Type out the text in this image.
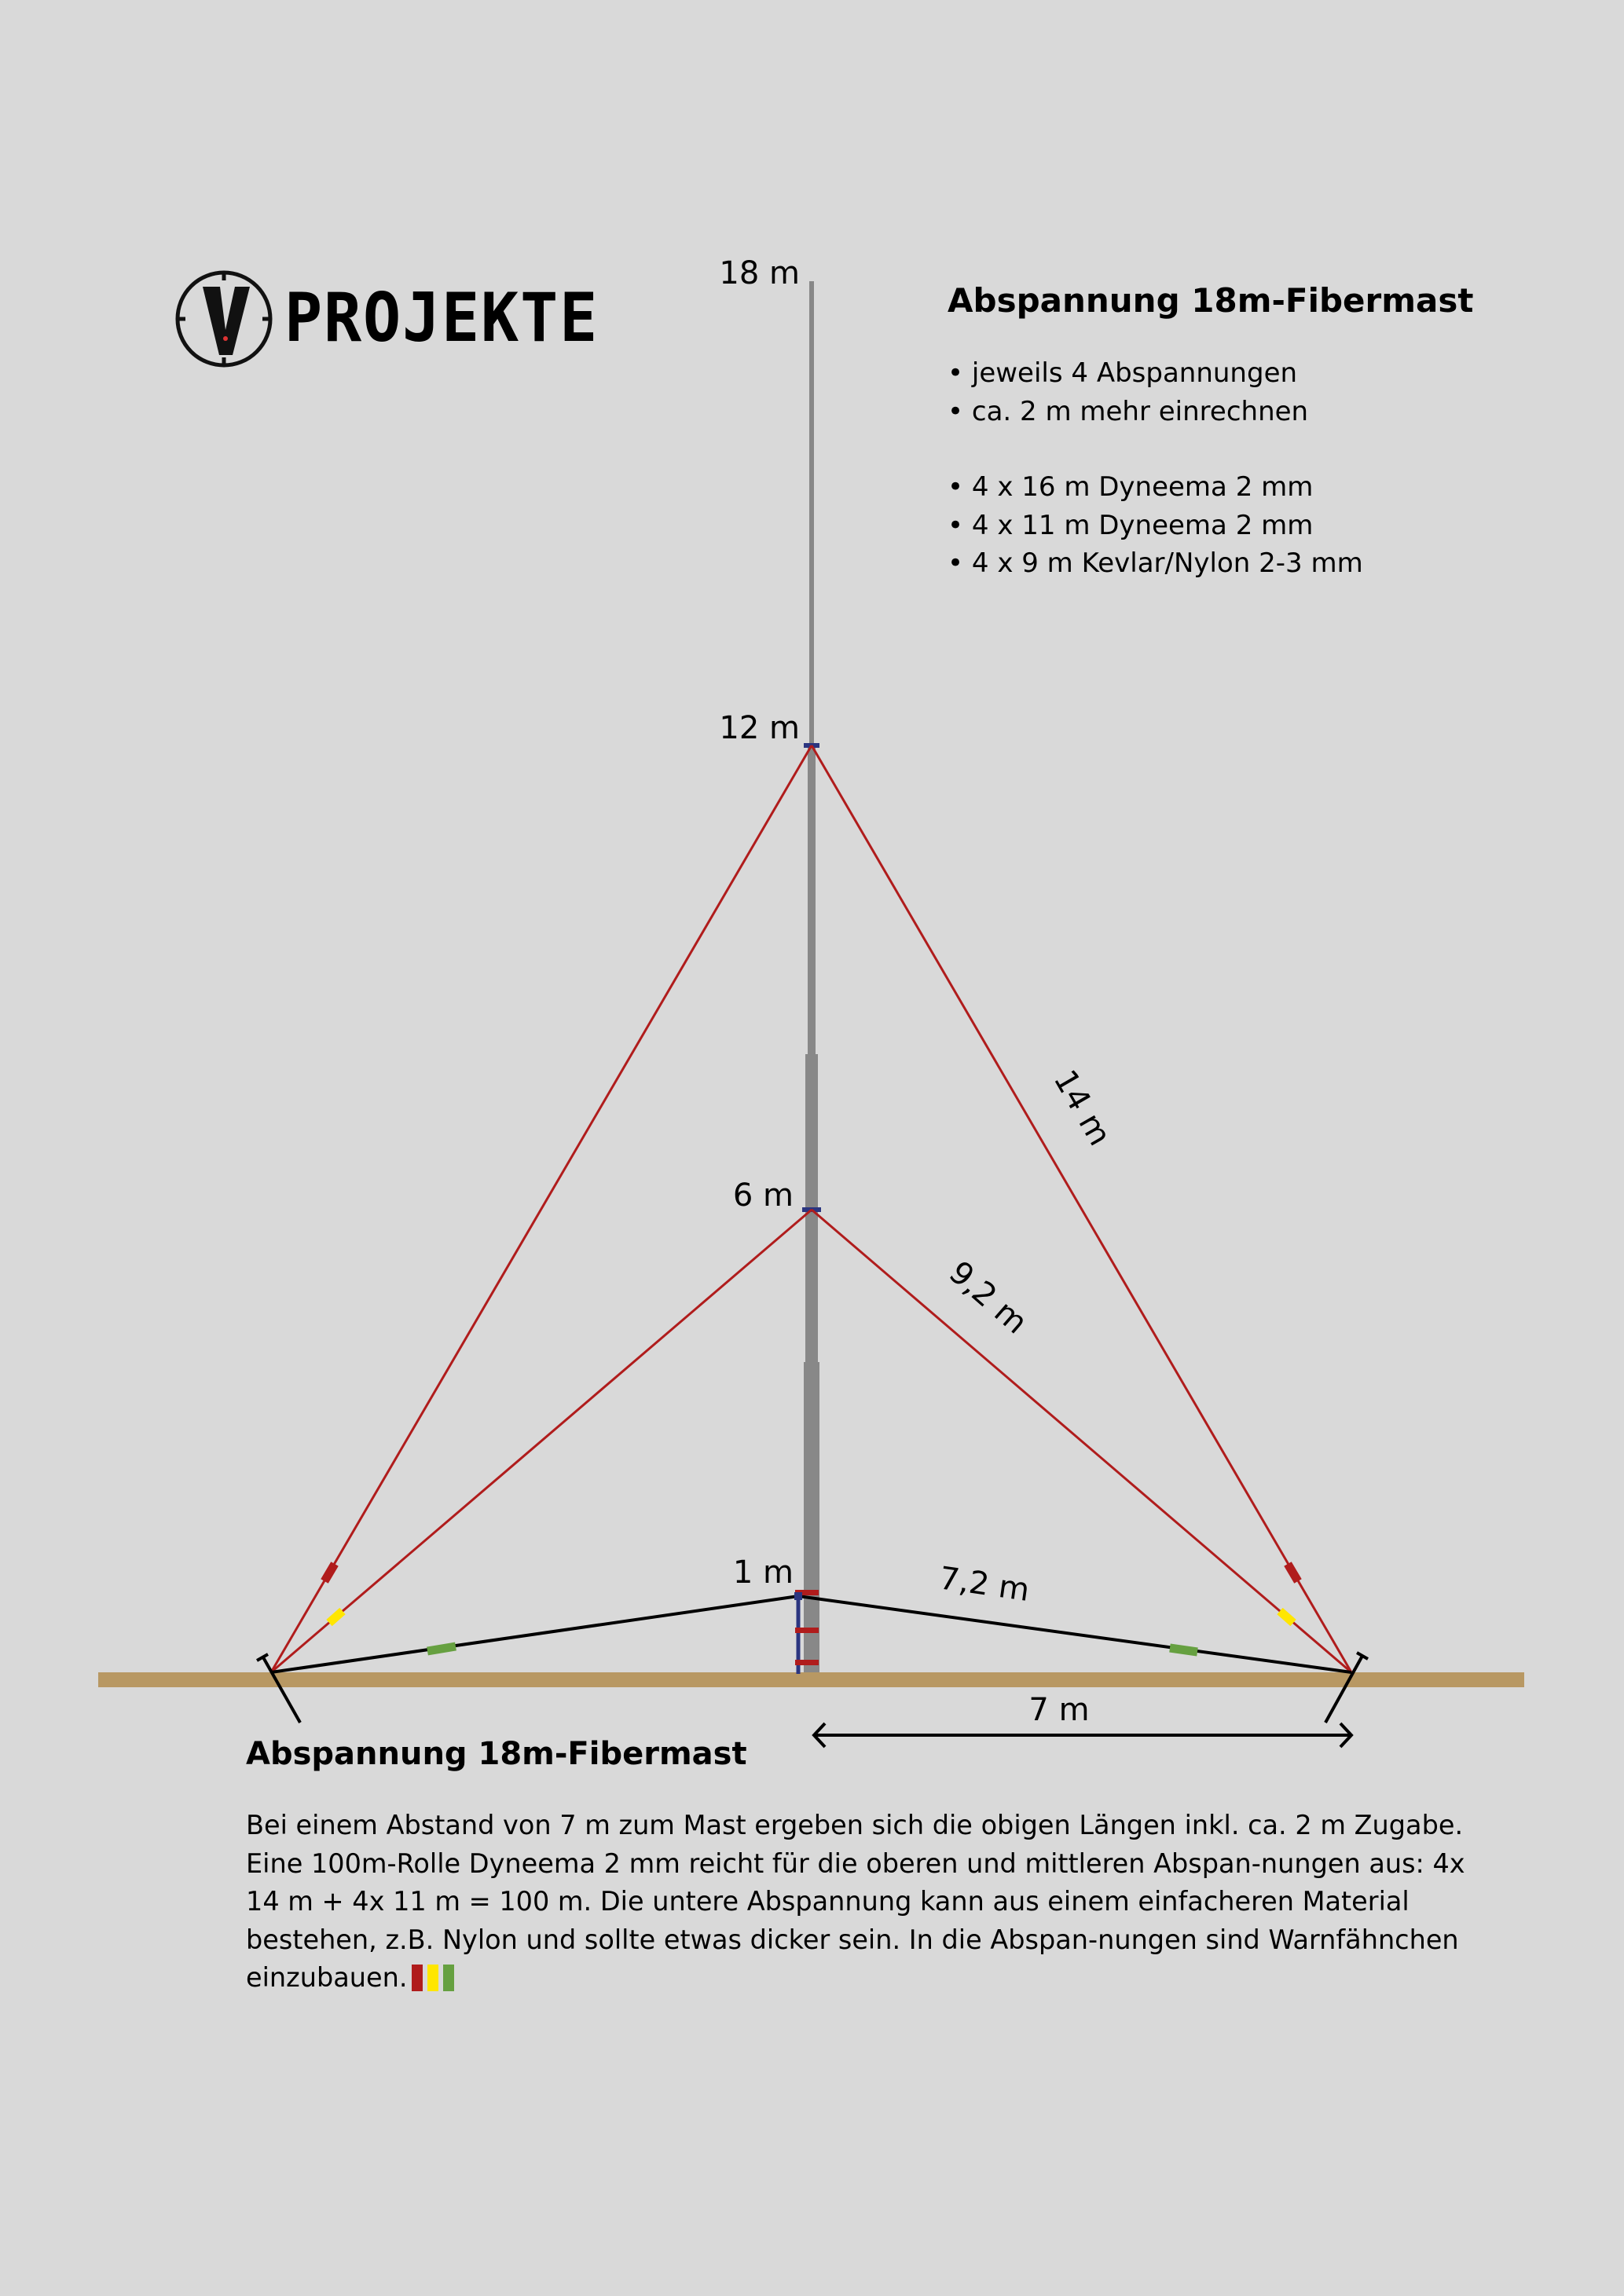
18 m
12 m
6 m
1 m
14 m
9,2 m
7,2 m
7 m
PROJEKTE	Abspannung 18m-Fibermast
• jeweils 4 Abspannungen
• ca. 2 m mehr einrechnen
• 4 x 16 m Dyneema 2 mm
• 4 x 11 m Dyneema 2 mm
• 4 x 9 m Kevlar/Nylon 2-3 mm
Abspannung 18m-Fibermast

Bei einem Abstand von 7 m zum Mast ergeben sich die obigen Längen inkl. ca. 2 m Zugabe. Eine 100m-Rolle Dyneema 2 mm reicht für die oberen und mittleren Abspan-nungen aus: 4x 14 m + 4x 11 m = 100 m. Die untere Abspannung kann aus einem einfacheren Material bestehen, z.B. Nylon und sollte etwas dicker sein. In die Abspan-nungen sind Warnfähnchen einzubauen.
